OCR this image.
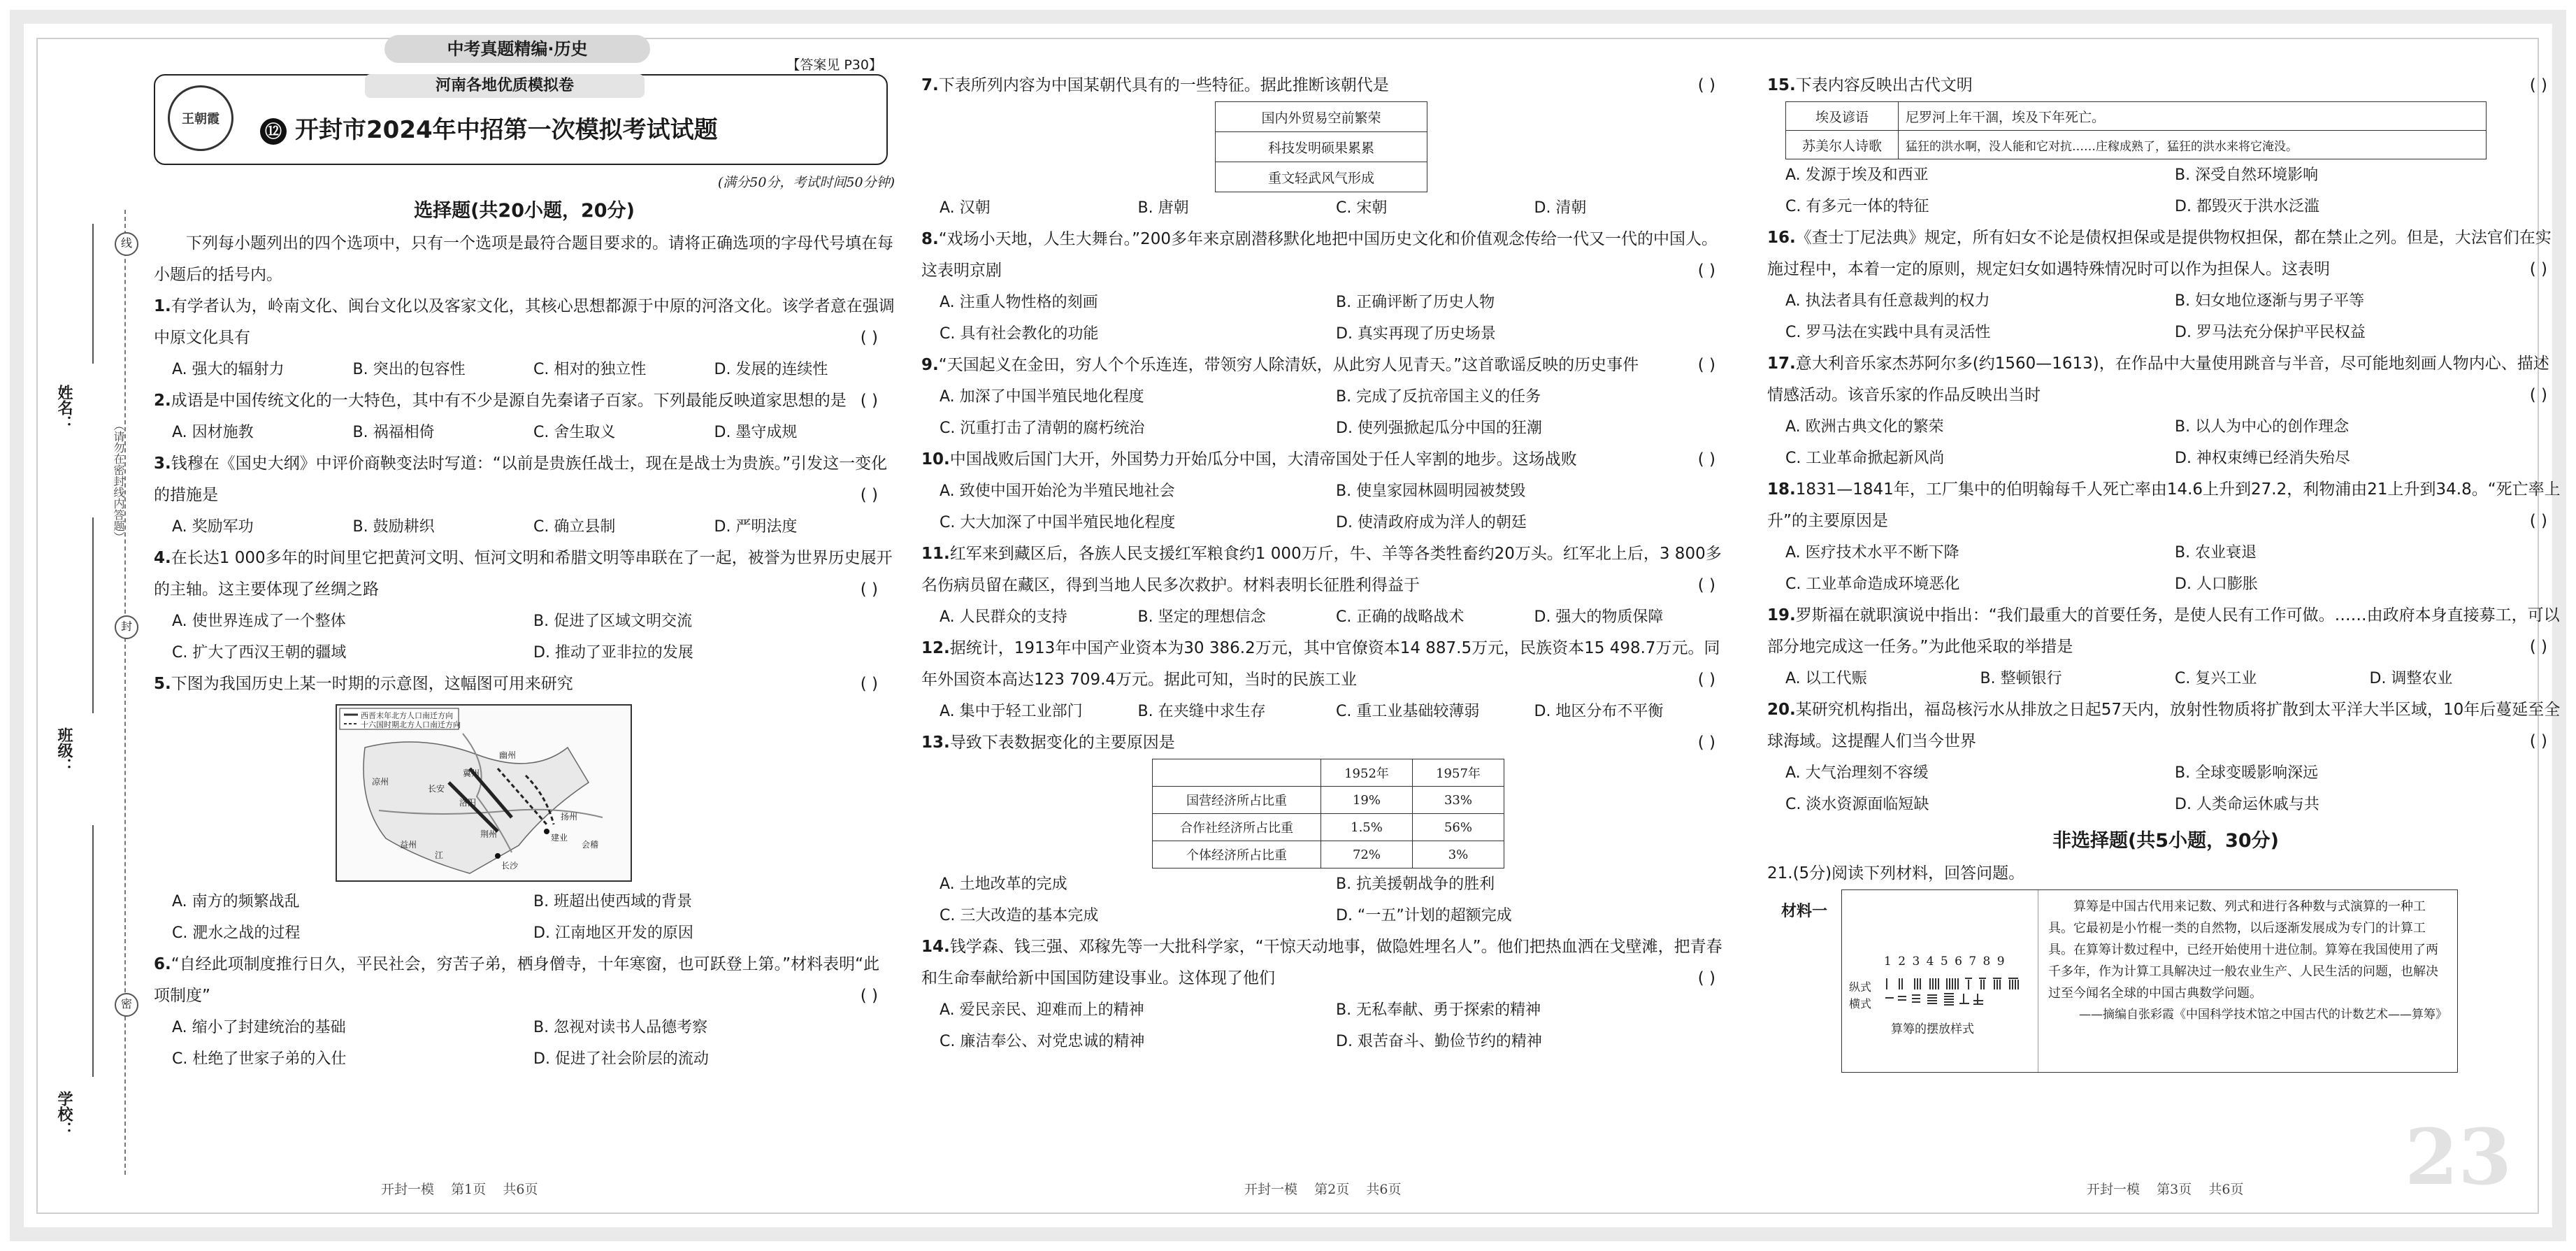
姓名：
班级：
学校：
线
封
密
（请勿在密封线内答题）
中考真题精编·历史
河南各地优质模拟卷
【答案见 P30】
王朝霞
⑫ 开封市2024年中招第一次模拟考试试题
(满分50分，考试时间50分钟)
选择题(共20小题，20分)

下列每小题列出的四个选项中，只有一个选项是最符合题目要求的。请将正确选项的字母代号填在每小题后的括号内。

1.有学者认为，岭南文化、闽台文化以及客家文化，其核心思想都源于中原的河洛文化。该学者意在强调中原文化具有	( )

A. 强大的辐射力	B. 突出的包容性	C. 相对的独立性	D. 发展的连续性

2.成语是中国传统文化的一大特色，其中有不少是源自先秦诸子百家。下列最能反映道家思想的是 ( )

A. 因材施教	B. 祸福相倚	C. 舍生取义	D. 墨守成规

3.钱穆在《国史大纲》中评价商鞅变法时写道：“以前是贵族任战士，现在是战士为贵族。”引发这一变化的措施是	( )

A. 奖励军功	B. 鼓励耕织	C. 确立县制	D. 严明法度

4.在长达1 000多年的时间里它把黄河文明、恒河文明和希腊文明等串联在了一起，被誉为世界历史展开的主轴。这主要体现了丝绸之路	( )

A. 使世界连成了一个整体	B. 促进了区域文明交流
C. 扩大了西汉王朝的疆域	D. 推动了亚非拉的发展

5.下图为我国历史上某一时期的示意图，这幅图可用来研究	( )

西晋末年北方人口南迁方向
十六国时期北方人口南迁方向
幽州
冀州
长安
洛阳
凉州
荆州
扬州
益州
建业
会稽
长沙
江
A. 南方的频繁战乱	B. 班超出使西域的背景
C. 淝水之战的过程	D. 江南地区开发的原因

6.“自经此项制度推行日久，平民社会，穷苦子弟，栖身僧寺，十年寒窗，也可跃登上第。”材料表明“此项制度”	( )

A. 缩小了封建统治的基础	B. 忽视对读书人品德考察
C. 杜绝了世家子弟的入仕	D. 促进了社会阶层的流动

7.下表所列内容为中国某朝代具有的一些特征。据此推断该朝代是	( )

国内外贸易空前繁荣
科技发明硕果累累
重文轻武风气形成
A. 汉朝	B. 唐朝	C. 宋朝	D. 清朝

8.“戏场小天地，人生大舞台。”200多年来京剧潜移默化地把中国历史文化和价值观念传给一代又一代的中国人。这表明京剧	( )

A. 注重人物性格的刻画	B. 正确评断了历史人物
C. 具有社会教化的功能	D. 真实再现了历史场景

9.“天国起义在金田，穷人个个乐连连，带领穷人除清妖，从此穷人见青天。”这首歌谣反映的历史事件	( )

A. 加深了中国半殖民地化程度	B. 完成了反抗帝国主义的任务
C. 沉重打击了清朝的腐朽统治	D. 使列强掀起瓜分中国的狂潮

10.中国战败后国门大开，外国势力开始瓜分中国，大清帝国处于任人宰割的地步。这场战败	( )

A. 致使中国开始沦为半殖民地社会	B. 使皇家园林圆明园被焚毁
C. 大大加深了中国半殖民地化程度	D. 使清政府成为洋人的朝廷

11.红军来到藏区后，各族人民支援红军粮食约1 000万斤，牛、羊等各类牲畜约20万头。红军北上后，3 800多名伤病员留在藏区，得到当地人民多次救护。材料表明长征胜利得益于	( )

A. 人民群众的支持	B. 坚定的理想信念	C. 正确的战略战术	D. 强大的物质保障

12.据统计，1913年中国产业资本为30 386.2万元，其中官僚资本14 887.5万元，民族资本15 498.7万元。同年外国资本高达123 709.4万元。据此可知，当时的民族工业	( )

A. 集中于轻工业部门	B. 在夹缝中求生存	C. 重工业基础较薄弱	D. 地区分布不平衡

13.导致下表数据变化的主要原因是	( )

	1952年	1957年
国营经济所占比重	19%	33%
合作社经济所占比重	1.5%	56%
个体经济所占比重	72%	3%
A. 土地改革的完成	B. 抗美援朝战争的胜利
C. 三大改造的基本完成	D. “一五”计划的超额完成

14.钱学森、钱三强、邓稼先等一大批科学家，“干惊天动地事，做隐姓埋名人”。他们把热血洒在戈壁滩，把青春和生命奉献给新中国国防建设事业。这体现了他们	( )

A. 爱民亲民、迎难而上的精神	B. 无私奉献、勇于探索的精神
C. 廉洁奉公、对党忠诚的精神	D. 艰苦奋斗、勤俭节约的精神

15.下表内容反映出古代文明	( )

埃及谚语	尼罗河上年干涸，埃及下年死亡。
苏美尔人诗歌	猛狂的洪水啊，没人能和它对抗……庄稼成熟了，猛狂的洪水来将它淹没。
A. 发源于埃及和西亚	B. 深受自然环境影响
C. 有多元一体的特征	D. 都毁灭于洪水泛滥

16.《查士丁尼法典》规定，所有妇女不论是债权担保或是提供物权担保，都在禁止之列。但是，大法官们在实施过程中，本着一定的原则，规定妇女如遇特殊情况时可以作为担保人。这表明	( )

A. 执法者具有任意裁判的权力	B. 妇女地位逐渐与男子平等
C. 罗马法在实践中具有灵活性	D. 罗马法充分保护平民权益

17.意大利音乐家杰苏阿尔多(约1560—1613)，在作品中大量使用跳音与半音，尽可能地刻画人物内心、描述情感活动。该音乐家的作品反映出当时	( )

A. 欧洲古典文化的繁荣	B. 以人为中心的创作理念
C. 工业革命掀起新风尚	D. 神权束缚已经消失殆尽

18.1831—1841年，工厂集中的伯明翰每千人死亡率由14.6上升到27.2，利物浦由21上升到34.8。“死亡率上升”的主要原因是	( )

A. 医疗技术水平不断下降	B. 农业衰退
C. 工业革命造成环境恶化	D. 人口膨胀

19.罗斯福在就职演说中指出：“我们最重大的首要任务，是使人民有工作可做。……由政府本身直接募工，可以部分地完成这一任务。”为此他采取的举措是	( )

A. 以工代赈	B. 整顿银行	C. 复兴工业	D. 调整农业

20.某研究机构指出，福岛核污水从排放之日起57天内，放射性物质将扩散到太平洋大半区域，10年后蔓延至全球海域。这提醒人们当今世界	( )

A. 大气治理刻不容缓	B. 全球变暖影响深远
C. 淡水资源面临短缺	D. 人类命运休戚与共
非选择题(共5小题，30分)

21.(5分)阅读下列材料，回答问题。

材料一
1 2 3 4 5 6 7 8 9
纵式
横式
算筹的摆放样式

算筹是中国古代用来记数、列式和进行各种数与式演算的一种工具。它最初是小竹棍一类的自然物，以后逐渐发展成为专门的计算工具。在算筹计数过程中，已经开始使用十进位制。算筹在我国使用了两千多年，作为计算工具解决过一般农业生产、人民生活的问题，也解决过至今闻名全球的中国古典数学问题。

——摘编自张彩霞《中国科学技术馆之中国古代的计数艺术——算筹》

23
开封一模    第1页    共6页	开封一模    第2页    共6页	开封一模    第3页    共6页
